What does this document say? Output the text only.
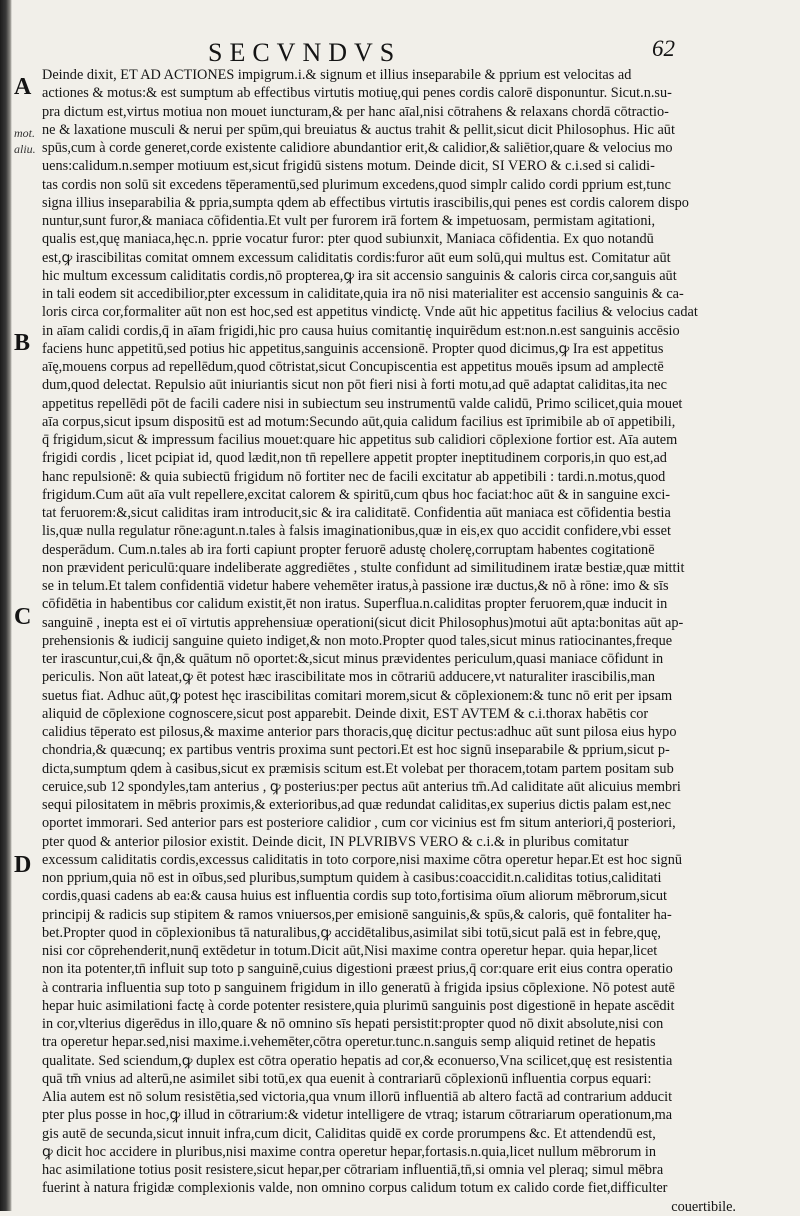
SECVNDVS	62
A
B
C
D
mot.
aliu.
Deinde dixit, ET AD ACTIONES impigrum.i.& signum et illius inseparabile & pprium est velocitas ad
actiones & motus:& est sumptum ab effectibus virtutis motiuę,qui penes cordis calorē disponuntur. Sicut.n.su-
pra dictum est,virtus motiua non mouet iuncturam,& per hanc aīal,nisi cōtrahens & relaxans chordā cōtractio-
ne & laxatione musculi & nerui per spūm,qui breuiatus & auctus trahit & pellit,sicut dicit Philosophus. Hic aūt
spūs,cum à corde generet,corde existente calidiore abundantior erit,& calidior,& saliētior,quare & velocius mo
uens:calidum.n.semper motiuum est,sicut frigidū sistens motum. Deinde dicit, SI VERO & c.i.sed si calidi-
tas cordis non solū sit excedens tēperamentū,sed plurimum excedens,quod simplr calido cordi pprium est,tunc
signa illius inseparabilia & ppria,sumpta qdem ab effectibus virtutis irascibilis,qui penes est cordis calorem dispo
nuntur,sunt furor,& maniaca cōfidentia.Et vult per furorem irā fortem & impetuosam, permistam agitationi,
qualis est,quę maniaca,hęc.n. pprie vocatur furor: pter quod subiunxit, Maniaca cōfidentia. Ex quo notandū
est,ꝙ irascibilitas comitat omnem excessum caliditatis cordis:furor aūt eum solū,qui multus est. Comitatur aūt
hic multum excessum caliditatis cordis,nō propterea,ꝙ ira sit accensio sanguinis & caloris circa cor,sanguis aūt
in tali eodem sit accedibilior,pter excessum in caliditate,quia ira nō nisi materialiter est accensio sanguinis & ca-
loris circa cor,formaliter aūt non est hoc,sed est appetitus vindictę. Vnde aūt hic appetitus facilius & velocius cadat
in aīam calidi cordis,q̄ in aīam frigidi,hic pro causa huius comitantię inquirēdum est:non.n.est sanguinis accēsio
faciens hunc appetitū,sed potius hic appetitus,sanguinis accensionē. Propter quod dicimus,ꝙ Ira est appetitus
aīę,mouens corpus ad repellēdum,quod cōtristat,sicut Concupiscentia est appetitus mouēs ipsum ad amplectē
dum,quod delectat. Repulsio aūt iniuriantis sicut non pōt fieri nisi à forti motu,ad quē adaptat caliditas,ita nec
appetitus repellēdi pōt de facili cadere nisi in subiectum seu instrumentū valde calidū, Primo scilicet,quia mouet
aīa corpus,sicut ipsum dispositū est ad motum:Secundo aūt,quia calidum facilius est īprimibile ab oī appetibili,
q̄ frigidum,sicut & impressum facilius mouet:quare hic appetitus sub calidiori cōplexione fortior est. Aīa autem
frigidi cordis , licet pcipiat id, quod lædit,non tn̄ repellere appetit propter ineptitudinem corporis,in quo est,ad
hanc repulsionē: & quia subiectū frigidum nō fortiter nec de facili excitatur ab appetibili : tardi.n.motus,quod
frigidum.Cum aūt aīa vult repellere,excitat calorem & spiritū,cum qbus hoc faciat:hoc aūt & in sanguine exci-
tat feruorem:&,sicut caliditas iram introducit,sic & ira caliditatē. Confidentia aūt maniaca est cōfidentia bestia
lis,quæ nulla regulatur rōne:agunt.n.tales à falsis imaginationibus,quæ in eis,ex quo accidit confidere,vbi esset
desperādum. Cum.n.tales ab ira forti capiunt propter feruorē adustę cholerę,corruptam habentes cogitationē
non prævident periculū:quare indeliberate aggrediētes , stulte confidunt ad similitudinem iratæ bestiæ,quæ mittit
se in telum.Et talem confidentiā videtur habere vehemēter iratus,à passione iræ ductus,& nō à rōne: imo & sīs
cōfidētia in habentibus cor calidum existit,ēt non iratus. Superflua.n.caliditas propter feruorem,quæ inducit in
sanguinē , inepta est ei oī virtutis apprehensiuæ operationi(sicut dicit Philosophus)motui aūt apta:bonitas aūt ap-
prehensionis & iudicij sanguine quieto indiget,& non moto.Propter quod tales,sicut minus ratiocinantes,freque
ter irascuntur,cui,& q̄n,& quātum nō oportet:&,sicut minus prævidentes periculum,quasi maniace cōfidunt in
periculis. Non aūt lateat,ꝙ ēt potest hæc irascibilitate mos in cōtrariū adducere,vt naturaliter irascibilis,man
suetus fiat. Adhuc aūt,ꝙ potest hęc irascibilitas comitari morem,sicut & cōplexionem:& tunc nō erit per ipsam
aliquid de cōplexione cognoscere,sicut post apparebit. Deinde dixit, EST AVTEM & c.i.thorax habētis cor
calidius tēperato est pilosus,& maxime anterior pars thoracis,quę dicitur pectus:adhuc aūt sunt pilosa eius hypo
chondria,& quæcunq; ex partibus ventris proxima sunt pectori.Et est hoc signū inseparabile & pprium,sicut p-
dicta,sumptum qdem à casibus,sicut ex præmisis scitum est.Et volebat per thoracem,totam partem positam sub
ceruice,sub 12 spondyles,tam anterius , ꝙ posterius:per pectus aūt anterius tm̄.Ad caliditate aūt alicuius membri
sequi pilositatem in mēbris proximis,& exterioribus,ad quæ redundat caliditas,ex superius dictis palam est,nec
oportet immorari. Sed anterior pars est posteriore calidior , cum cor vicinius est fm situm anteriori,q̄ posteriori,
pter quod & anterior pilosior existit. Deinde dicit, IN PLVRIBVS VERO & c.i.& in pluribus comitatur
excessum caliditatis cordis,excessus caliditatis in toto corpore,nisi maxime cōtra operetur hepar.Et est hoc signū
non pprium,quia nō est in oībus,sed pluribus,sumptum quidem à casibus:coaccidit.n.caliditas totius,caliditati
cordis,quasi cadens ab ea:& causa huius est influentia cordis sup toto,fortisima oīum aliorum mēbrorum,sicut
principij & radicis sup stipitem & ramos vniuersos,per emisionē sanguinis,& spūs,& caloris, quē fontaliter ha-
bet.Propter quod in cōplexionibus tā naturalibus,ꝙ accidētalibus,asimilat sibi totū,sicut palā est in febre,quę,
nisi cor cōprehenderit,nunq̄ extēdetur in totum.Dicit aūt,Nisi maxime contra operetur hepar. quia hepar,licet
non ita potenter,tn̄ influit sup toto p sanguinē,cuius digestioni præest prius,q̄ cor:quare erit eius contra operatio
à contraria influentia sup toto p sanguinem frigidum in illo generatū à frigida ipsius cōplexione. Nō potest autē
hepar huic asimilationi factę à corde potenter resistere,quia plurimū sanguinis post digestionē in hepate ascēdit
in cor,vlterius digerēdus in illo,quare & nō omnino sīs hepati persistit:propter quod nō dixit absolute,nisi con
tra operetur hepar.sed,nisi maxime.i.vehemēter,cōtra operetur.tunc.n.sanguis semp aliquid retinet de hepatis
qualitate. Sed sciendum,ꝙ duplex est cōtra operatio hepatis ad cor,& econuerso,Vna scilicet,quę est resistentia
quā tm̄ vnius ad alterū,ne asimilet sibi totū,ex qua euenit à contrariarū cōplexionū influentia corpus equari:
Alia autem est nō solum resistētia,sed victoria,qua vnum illorū influentiā ab altero factā ad contrarium adducit
pter plus posse in hoc,ꝙ illud in cōtrarium:& videtur intelligere de vtraq; istarum cōtrariarum operationum,ma
gis autē de secunda,sicut innuit infra,cum dicit, Caliditas quidē ex corde prorumpens &c. Et attendendū est,
ꝙ dicit hoc accidere in pluribus,nisi maxime contra operetur hepar,fortasis.n.quia,licet nullum mēbrorum in
hac asimilatione totius posit resistere,sicut hepar,per cōtrariam influentiā,tn̄,si omnia vel pleraq; simul mēbra
fuerint à natura frigidæ complexionis valde, non omnino corpus calidum totum ex calido corde fiet,difficulter
couertibile.
